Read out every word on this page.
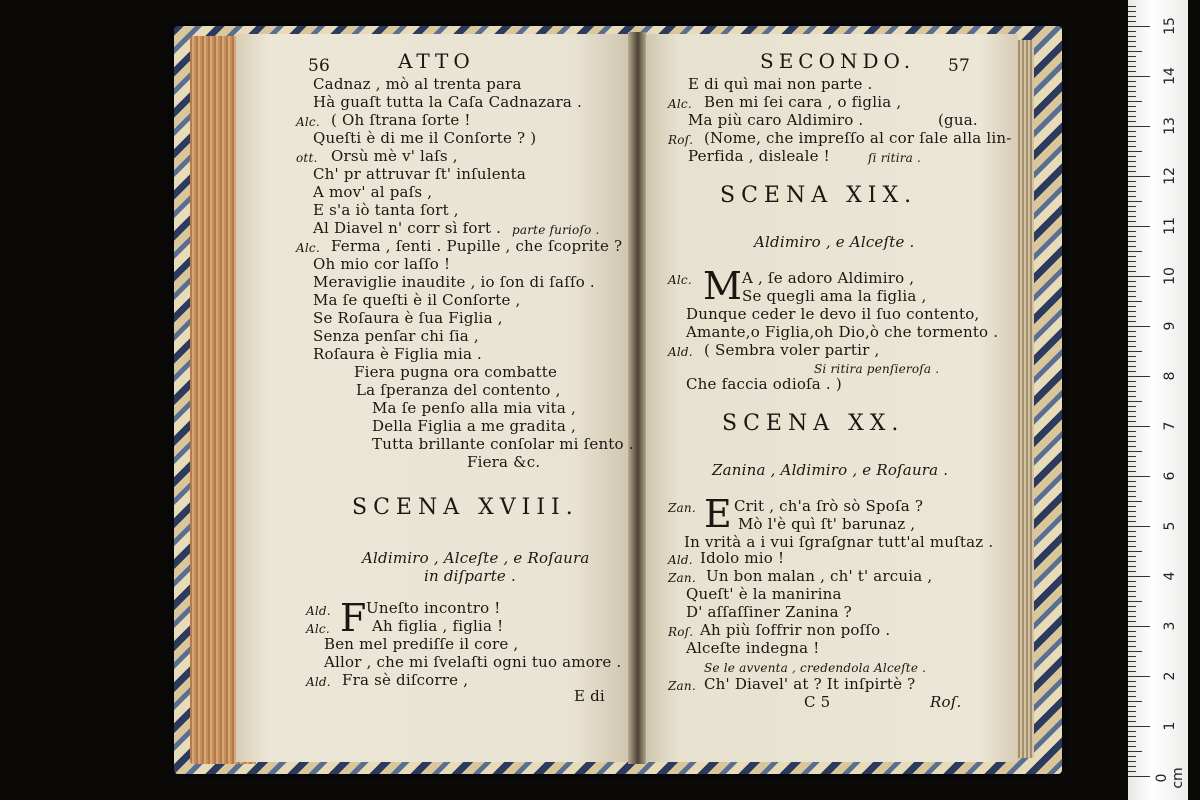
56	ATTO
Cadnaz , mò al trenta para
Hà guaſt tutta la Caſa Cadnazara .
Alc. ( Oh ſtrana ſorte !
Queſti è di me il Conſorte ? )
ott. Orsù mè v' laſs ,
Ch' pr attruvar ſt' inſulenta
A mov' al paſs ,
E s'a iò tanta ſort ,
Al Diavel n' corr sì fort . parte furioſo .
Alc. Ferma , ſenti . Pupille , che ſcoprite ?
Oh mio cor laſſo !
Meraviglie inaudite , io ſon di ſaſſo .
Ma ſe queſti è il Conſorte ,
Se Roſaura è ſua Figlia ,
Senza penſar chi ſia ,
Roſaura è Figlia mia .
Fiera pugna ora combatte
La ſperanza del contento ,
Ma ſe penſo alla mia vita ,
Della Figlia a me gradita ,
Tutta brillante conſolar mi ſento .
Fiera &c.
SCENA XVIII.
Aldimiro , Alceſte , e Roſaura
in diſparte .
F
Ald. Uneſto incontro !
Alc.	Ah figlia , figlia !
Ben mel prediſſe il core ,
Allor , che mi ſvelaſti ogni tuo amore .
Ald. Fra sè diſcorre ,
E di
SECONDO. 57
E di quì mai non parte .
Alc. Ben mi ſei cara , o figlia ,
Ma più caro Aldimiro .	(gua.
Roſ. (Nome, che impreſſo al cor ſale alla lin-
Perfida , disleale !	ſi ritira .
SCENA XIX.
Aldimiro , e Alceſte .
Alc. M A , ſe adoro Aldimiro ,
Se quegli ama la figlia ,
Dunque ceder le devo il ſuo contento,
Amante,o Figlia,oh Dio,ò che tormento .
Ald. ( Sembra voler partir ,
Si ritira penſieroſa .
Che faccia odioſa . )
SCENA XX.
Zanina , Aldimiro , e Roſaura .
Zan. E Crit , ch'a ſrò sò Spoſa ?
Mò l'è quì ſt' barunaz ,
In vrità a i vui ſgraſgnar tutt'al muſtaz .
Ald. Idolo mio !
Zan. Un bon malan , ch' t' arcuia ,
Queſt' è la manirina
D' aſſaſſiner Zanina ?
Roſ. Ah più ſoffrir non poſſo .
Alceſte indegna !
Se le avventa , credendola Alceſte .
Zan. Ch' Diavel' at ? It inſpirtè ?
C 5	Roſ.
0 cm
1
2
3
4
5
6
7
8
9
10
11
12
13
14
15
